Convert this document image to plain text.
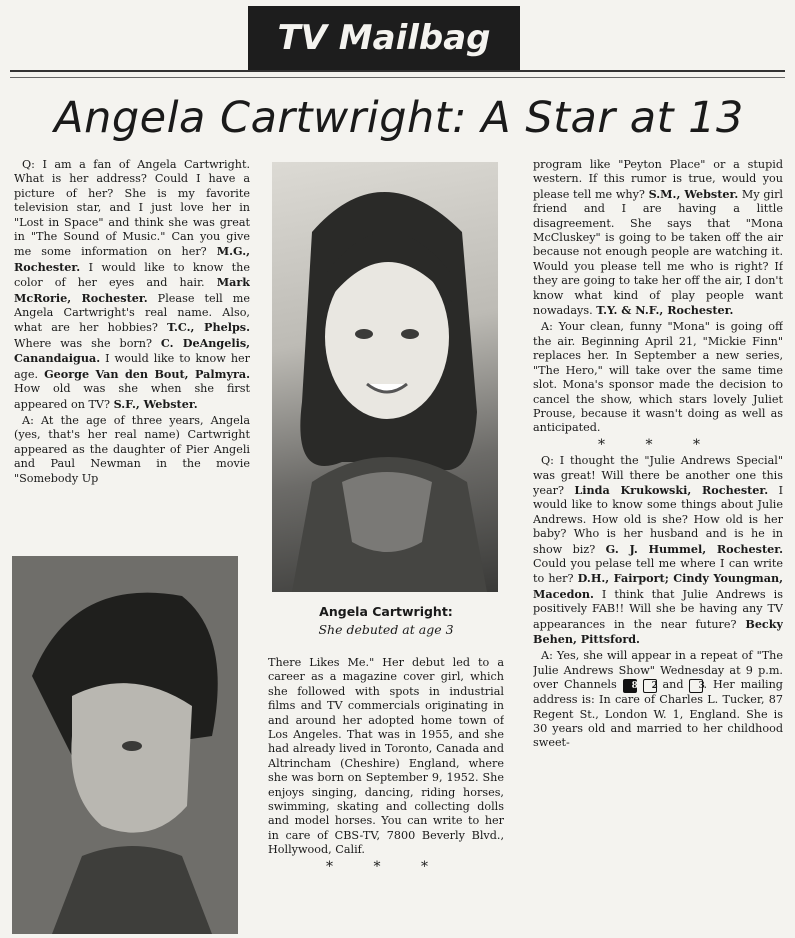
TV Mailbag
Angela Cartwright: A Star at 13

Q: I am a fan of Angela Cartwright. What is her address? Could I have a picture of her? She is my favorite television star, and I just love her in "Lost in Space" and think she was great in "The Sound of Music." Can you give me some information on her? M.G., Rochester. I would like to know the color of her eyes and hair. Mark McRorie, Rochester. Please tell me Angela Cartwright's real name. Also, what are her hobbies? T.C., Phelps. Where was she born? C. DeAngelis, Canandaigua. I would like to know her age. George Van den Bout, Palmyra. How old was she when she first appeared on TV? S.F., Webster.

A: At the age of three years, Angela (yes, that's her real name) Cartwright appeared as the daughter of Pier Angeli and Paul Newman in the movie "Somebody Up

Angela Cartwright:
She debuted at age 3

There Likes Me." Her debut led to a career as a magazine cover girl, which she followed with spots in industrial films and TV commercials originating in and around her adopted home town of Los Angeles. That was in 1955, and she had already lived in Toronto, Canada and Altrincham (Cheshire) England, where she was born on September 9, 1952. She enjoys singing, dancing, riding horses, swimming, skating and collecting dolls and model horses. You can write to her in care of CBS-TV, 7800 Beverly Blvd., Hollywood, Calif.

* * *

program like "Peyton Place" or a stupid western. If this rumor is true, would you please tell me why? S.M., Webster. My girl friend and I are having a little disagreement. She says that "Mona McCluskey" is going to be taken off the air because not enough people are watching it. Would you please tell me who is right? If they are going to take her off the air, I don't know what kind of play people want nowadays. T.Y. & N.F., Rochester.

A: Your clean, funny "Mona" is going off the air. Beginning April 21, "Mickie Finn" replaces her. In September a new series, "The Hero," will take over the same time slot. Mona's sponsor made the decision to cancel the show, which stars lovely Juliet Prouse, because it wasn't doing as well as anticipated.

* * *

Q: I thought the "Julie Andrews Special" was great! Will there be another one this year? Linda Krukowski, Rochester. I would like to know some things about Julie Andrews. How old is she? How old is her baby? Who is her husband and is he in show biz? G. J. Hummel, Rochester. Could you pelase tell me where I can write to her? D.H., Fairport; Cindy Youngman, Macedon. I think that Julie Andrews is positively FAB!! Will she be having any TV appearances in the near future? Becky Behen, Pittsford.

A: Yes, she will appear in a repeat of "The Julie Andrews Show" Wednesday at 9 p.m. over Channels 8 2 and 3. Her mailing address is: In care of Charles L. Tucker, 87 Regent St., London W. 1, England. She is 30 years old and married to her childhood sweet-
